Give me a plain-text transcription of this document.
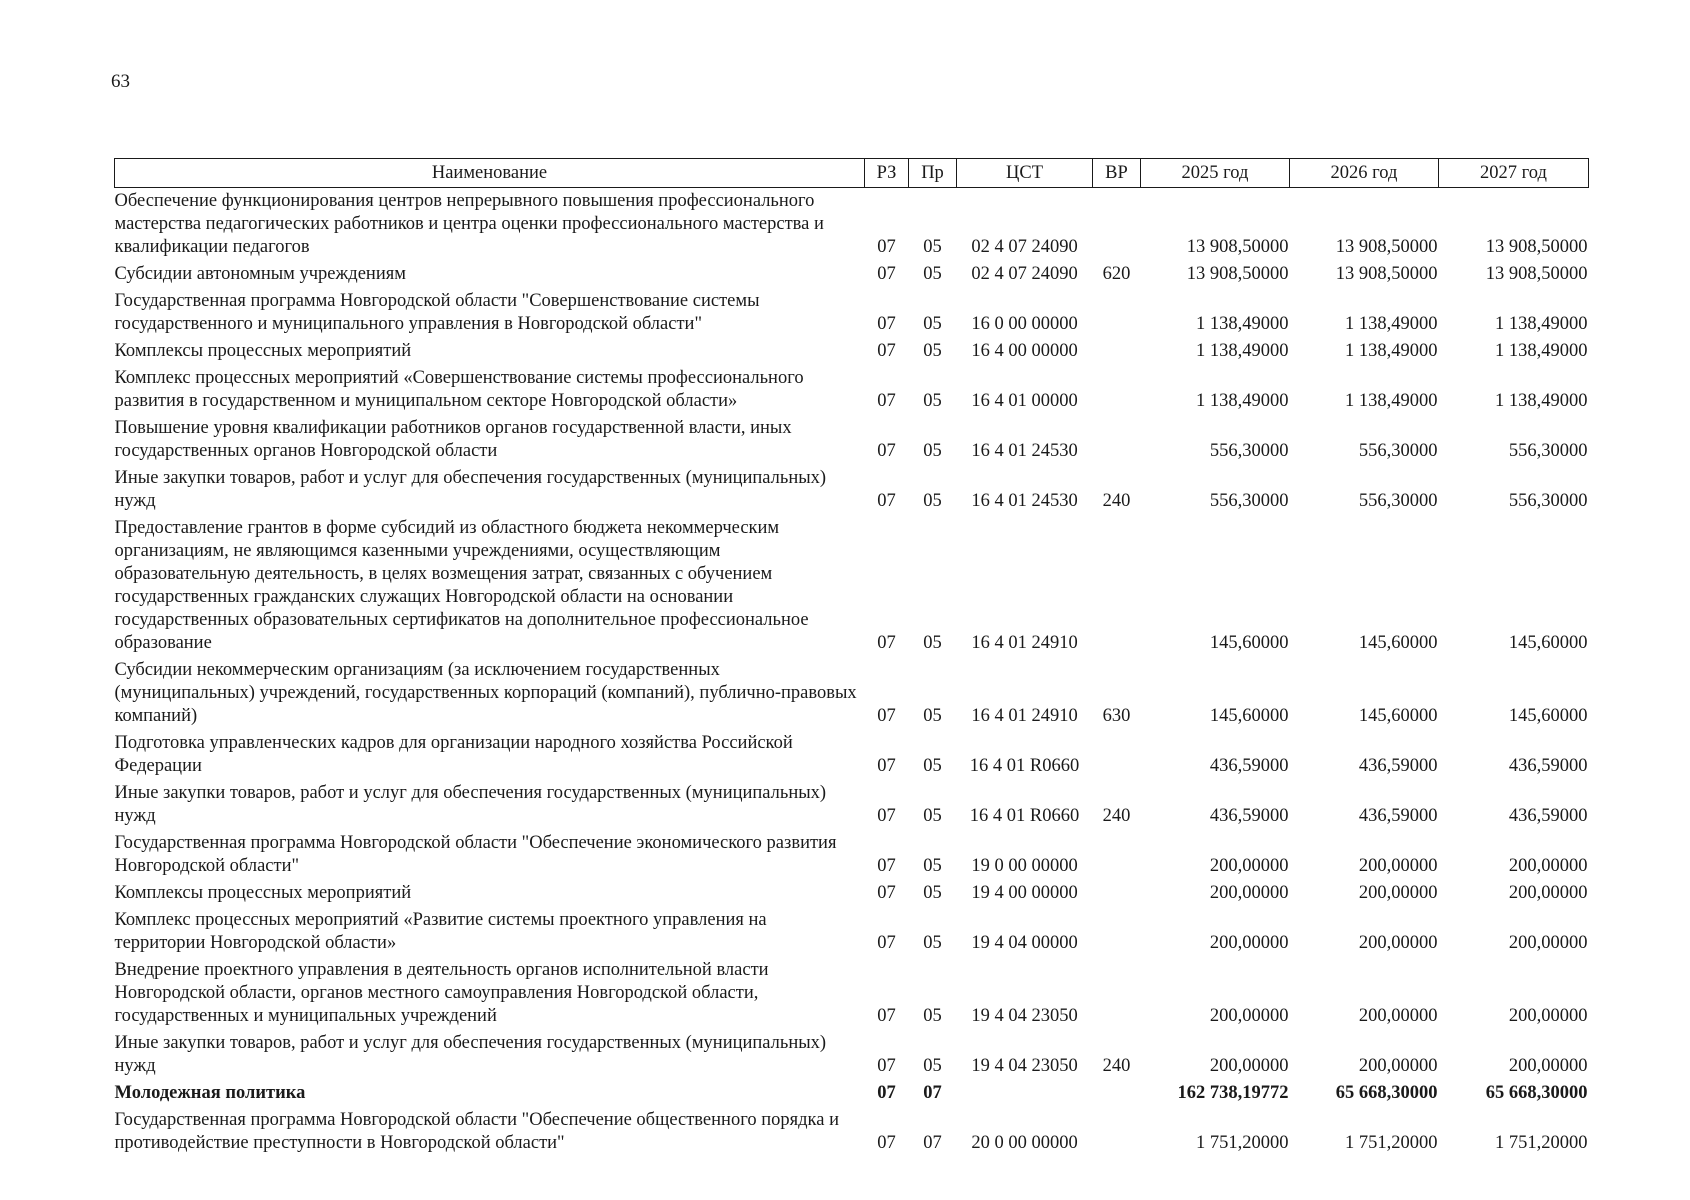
63
Наименование	РЗ	Пр	ЦСТ	ВР	2025 год	2026 год	2027 год
Обеспечение функционирования центров непрерывного повышения профессионального мастерства педагогических работников и центра оценки профессионального мастерства и квалификации педагогов	07	05	02 4 07 24090		13 908,50000	13 908,50000	13 908,50000
Субсидии автономным учреждениям	07	05	02 4 07 24090	620	13 908,50000	13 908,50000	13 908,50000
Государственная программа Новгородской области "Совершенствование системы государственного и муниципального управления в Новгородской области"	07	05	16 0 00 00000		1 138,49000	1 138,49000	1 138,49000
Комплексы процессных мероприятий	07	05	16 4 00 00000		1 138,49000	1 138,49000	1 138,49000
Комплекс процессных мероприятий «Совершенствование системы профессионального развития в государственном и муниципальном секторе Новгородской области»	07	05	16 4 01 00000		1 138,49000	1 138,49000	1 138,49000
Повышение уровня квалификации работников органов государственной власти, иных государственных органов Новгородской области	07	05	16 4 01 24530		556,30000	556,30000	556,30000
Иные закупки товаров, работ и услуг для обеспечения государственных (муниципальных) нужд	07	05	16 4 01 24530	240	556,30000	556,30000	556,30000
Предоставление грантов в форме субсидий из областного бюджета некоммерческим организациям, не являющимся казенными учреждениями, осуществляющим образовательную деятельность, в целях возмещения затрат, связанных с обучением государственных гражданских служащих Новгородской области на основании государственных образовательных сертификатов на дополнительное профессиональное образование	07	05	16 4 01 24910		145,60000	145,60000	145,60000
Субсидии некоммерческим организациям (за исключением государственных (муниципальных) учреждений, государственных корпораций (компаний), публично-правовых компаний)	07	05	16 4 01 24910	630	145,60000	145,60000	145,60000
Подготовка управленческих кадров для организации народного хозяйства Российской Федерации	07	05	16 4 01 R0660		436,59000	436,59000	436,59000
Иные закупки товаров, работ и услуг для обеспечения государственных (муниципальных) нужд	07	05	16 4 01 R0660	240	436,59000	436,59000	436,59000
Государственная программа Новгородской области "Обеспечение экономического развития Новгородской области"	07	05	19 0 00 00000		200,00000	200,00000	200,00000
Комплексы процессных мероприятий	07	05	19 4 00 00000		200,00000	200,00000	200,00000
Комплекс процессных мероприятий «Развитие системы проектного управления на территории Новгородской области»	07	05	19 4 04 00000		200,00000	200,00000	200,00000
Внедрение проектного управления в деятельность органов исполнительной власти Новгородской области, органов местного самоуправления Новгородской области, государственных и муниципальных учреждений	07	05	19 4 04 23050		200,00000	200,00000	200,00000
Иные закупки товаров, работ и услуг для обеспечения государственных (муниципальных) нужд	07	05	19 4 04 23050	240	200,00000	200,00000	200,00000
Молодежная политика	07	07			162 738,19772	65 668,30000	65 668,30000
Государственная программа Новгородской области "Обеспечение общественного порядка и противодействие преступности в Новгородской области"	07	07	20 0 00 00000		1 751,20000	1 751,20000	1 751,20000
